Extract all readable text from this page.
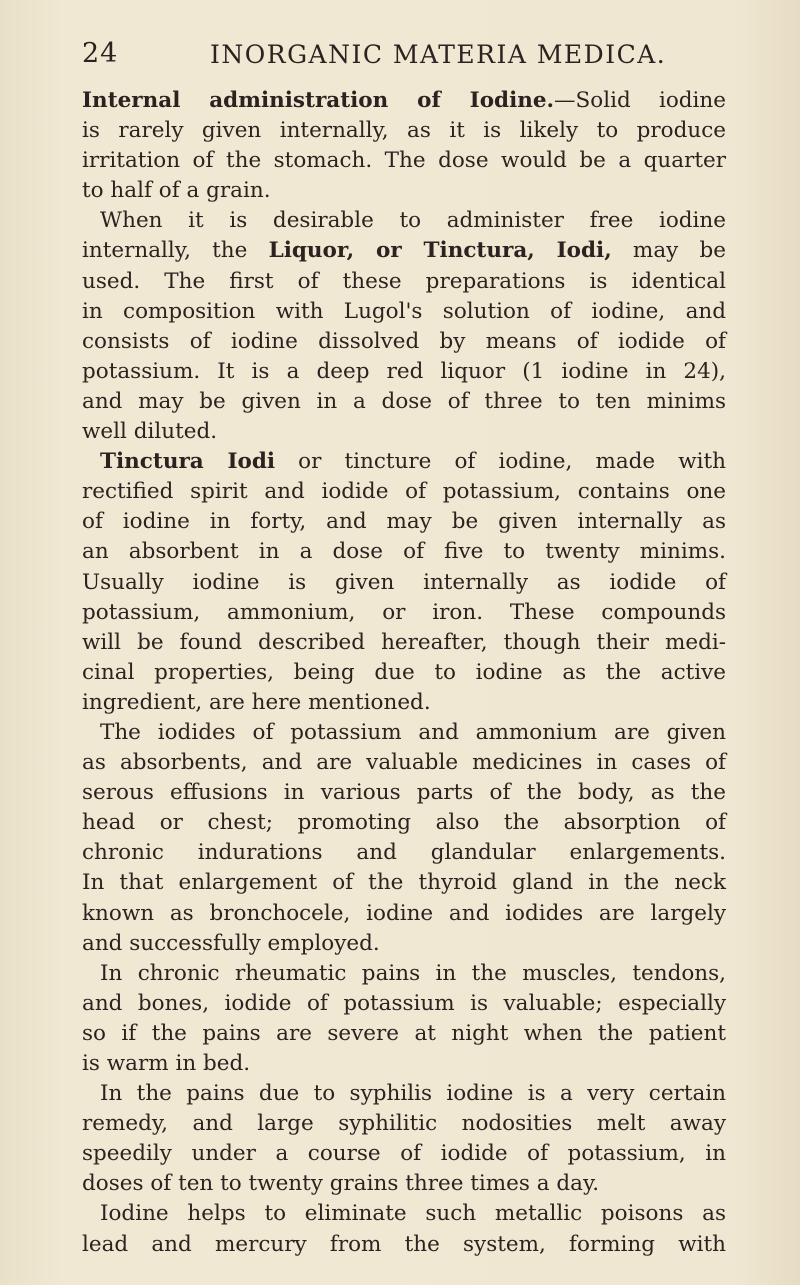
24	INORGANIC MATERIA MEDICA.
Internal administration of Iodine.—Solid iodine
is rarely given internally, as it is likely to produce
irritation of the stomach. The dose would be a quarter
to half of a grain.
When it is desirable to administer free iodine
internally, the Liquor, or Tinctura, Iodi, may be
used. The first of these preparations is identical
in composition with Lugol's solution of iodine, and
consists of iodine dissolved by means of iodide of
potassium. It is a deep red liquor (1 iodine in 24),
and may be given in a dose of three to ten minims
well diluted.
Tinctura Iodi or tincture of iodine, made with
rectified spirit and iodide of potassium, contains one
of iodine in forty, and may be given internally as
an absorbent in a dose of five to twenty minims.
Usually iodine is given internally as iodide of
potassium, ammonium, or iron. These compounds
will be found described hereafter, though their medi-
cinal properties, being due to iodine as the active
ingredient, are here mentioned.
The iodides of potassium and ammonium are given
as absorbents, and are valuable medicines in cases of
serous effusions in various parts of the body, as the
head or chest; promoting also the absorption of
chronic indurations and glandular enlargements.
In that enlargement of the thyroid gland in the neck
known as bronchocele, iodine and iodides are largely
and successfully employed.
In chronic rheumatic pains in the muscles, tendons,
and bones, iodide of potassium is valuable; especially
so if the pains are severe at night when the patient
is warm in bed.
In the pains due to syphilis iodine is a very certain
remedy, and large syphilitic nodosities melt away
speedily under a course of iodide of potassium, in
doses of ten to twenty grains three times a day.
Iodine helps to eliminate such metallic poisons as
lead and mercury from the system, forming with
